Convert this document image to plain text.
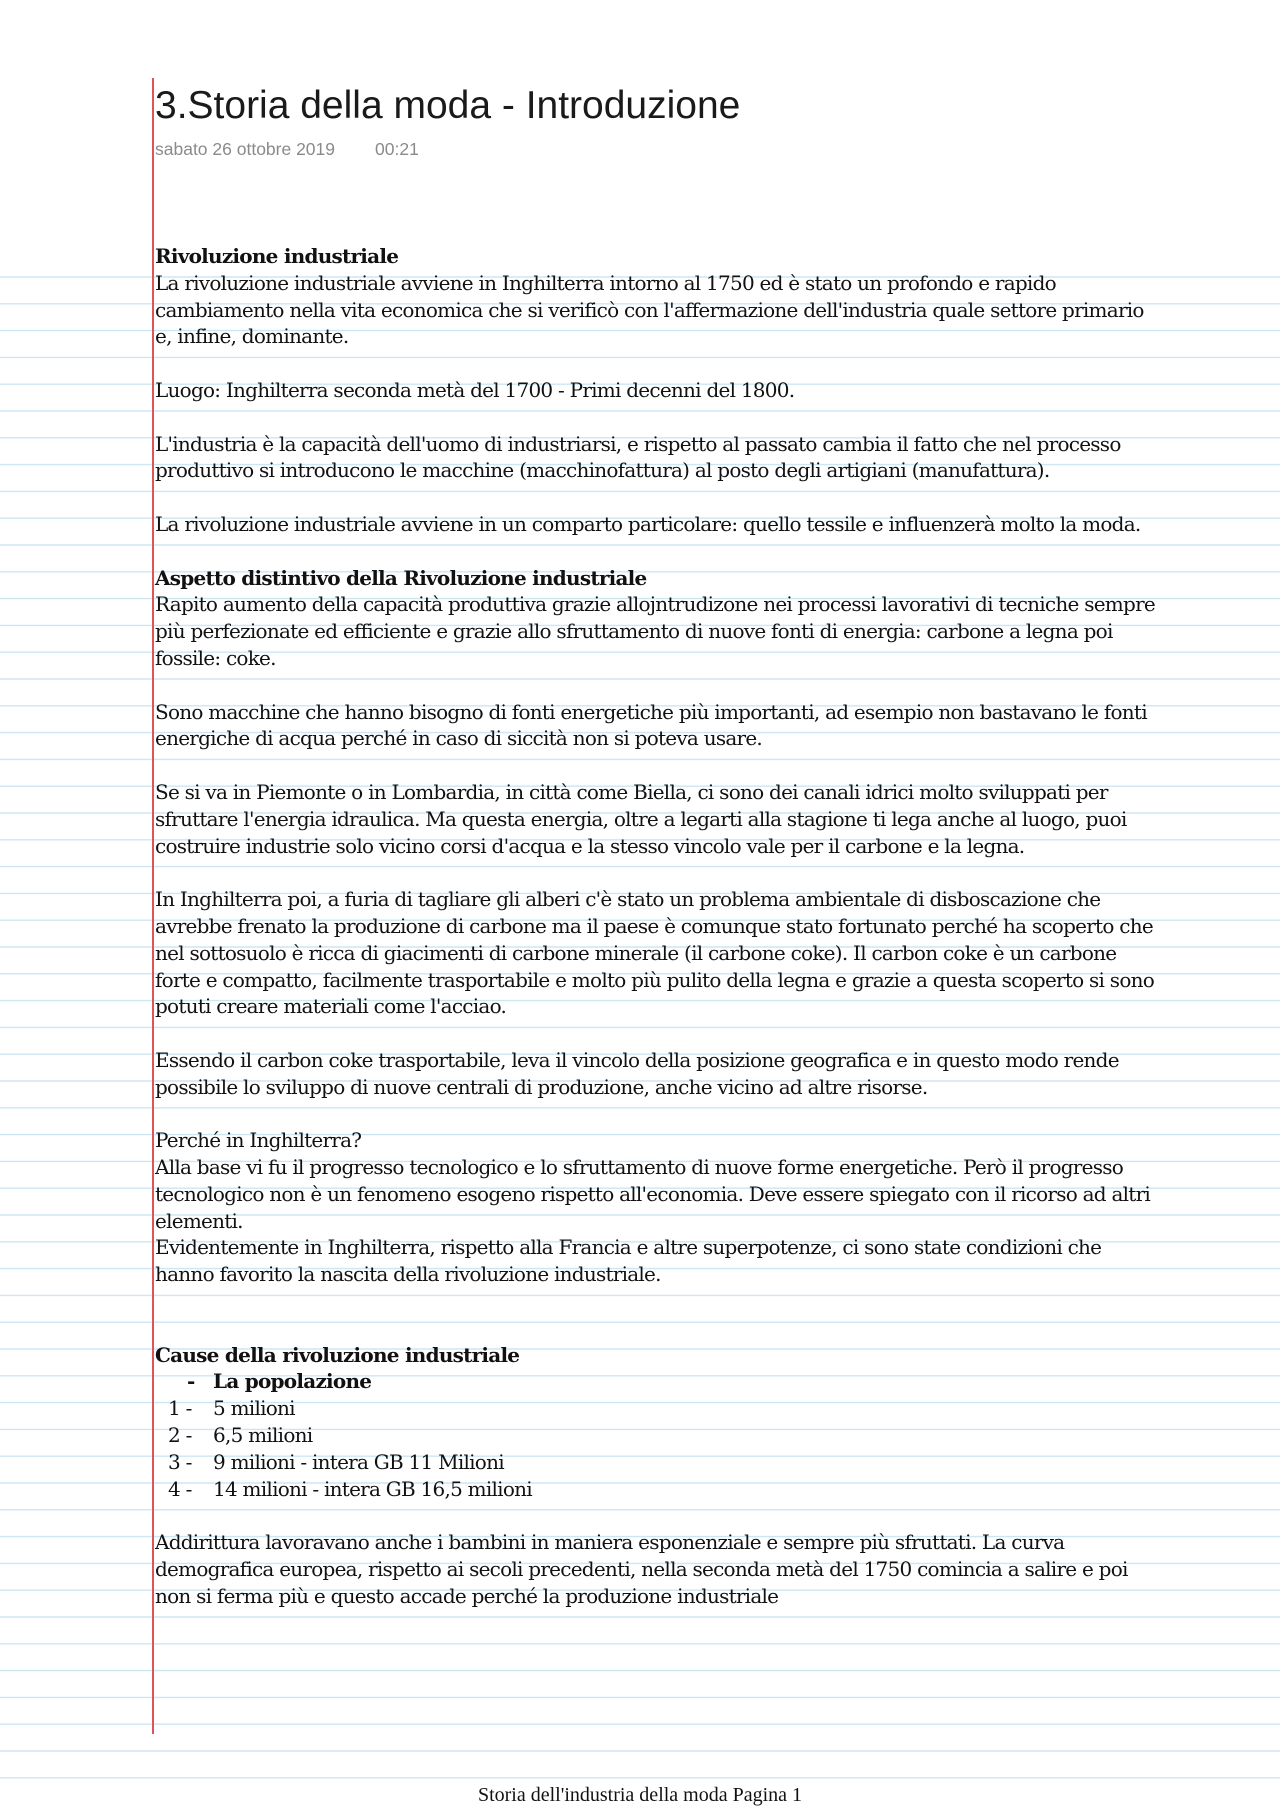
3.Storia della moda - Introduzione
sabato 26 ottobre 2019 00:21

Rivoluzione industriale

La rivoluzione industriale avviene in Inghilterra intorno al 1750 ed è stato un profondo e rapido cambiamento nella vita economica che si verificò con l'affermazione dell'industria quale settore primario e, infine, dominante.

Luogo: Inghilterra seconda metà del 1700 - Primi decenni del 1800.

L'industria è la capacità dell'uomo di industriarsi, e rispetto al passato cambia il fatto che nel processo produttivo si introducono le macchine (macchinofattura) al posto degli artigiani (manufattura).

La rivoluzione industriale avviene in un comparto particolare: quello tessile e influenzerà molto la moda.

Aspetto distintivo della Rivoluzione industriale

Rapito aumento della capacità produttiva grazie allojntrudizone nei processi lavorativi di tecniche sempre più perfezionate ed efficiente e grazie allo sfruttamento di nuove fonti di energia: carbone a legna poi fossile: coke.

Sono macchine che hanno bisogno di fonti energetiche più importanti, ad esempio non bastavano le fonti energiche di acqua perché in caso di siccità non si poteva usare.

Se si va in Piemonte o in Lombardia, in città come Biella, ci sono dei canali idrici molto sviluppati per sfruttare l'energia idraulica. Ma questa energia, oltre a legarti alla stagione ti lega anche al luogo, puoi costruire industrie solo vicino corsi d'acqua e la stesso vincolo vale per il carbone e la legna.

In Inghilterra poi, a furia di tagliare gli alberi c'è stato un problema ambientale di disboscazione che avrebbe frenato la produzione di carbone ma il paese è comunque stato fortunato perché ha scoperto che nel sottosuolo è ricca di giacimenti di carbone minerale (il carbone coke). Il carbon coke è un carbone forte e compatto, facilmente trasportabile e molto più pulito della legna e grazie a questa scoperto si sono potuti creare materiali come l'acciao.

Essendo il carbon coke trasportabile, leva il vincolo della posizione geografica e in questo modo rende possibile lo sviluppo di nuove centrali di produzione, anche vicino ad altre risorse.

Perché in Inghilterra?

Alla base vi fu il progresso tecnologico e lo sfruttamento di nuove forme energetiche. Però il progresso tecnologico non è un fenomeno esogeno rispetto all'economia. Deve essere spiegato con il ricorso ad altri elementi.

Evidentemente in Inghilterra, rispetto alla Francia e altre superpotenze, ci sono state condizioni che hanno favorito la nascita della rivoluzione industriale.

Cause della rivoluzione industriale

- La popolazione

1 - 5 milioni

2 - 6,5 milioni

3 - 9 milioni - intera GB 11 Milioni

4 - 14 milioni - intera GB 16,5 milioni

Addirittura lavoravano anche i bambini in maniera esponenziale e sempre più sfruttati. La curva demografica europea, rispetto ai secoli precedenti, nella seconda metà del 1750 comincia a salire e poi non si ferma più e questo accade perché la produzione industriale

Storia dell'industria della moda Pagina 1
